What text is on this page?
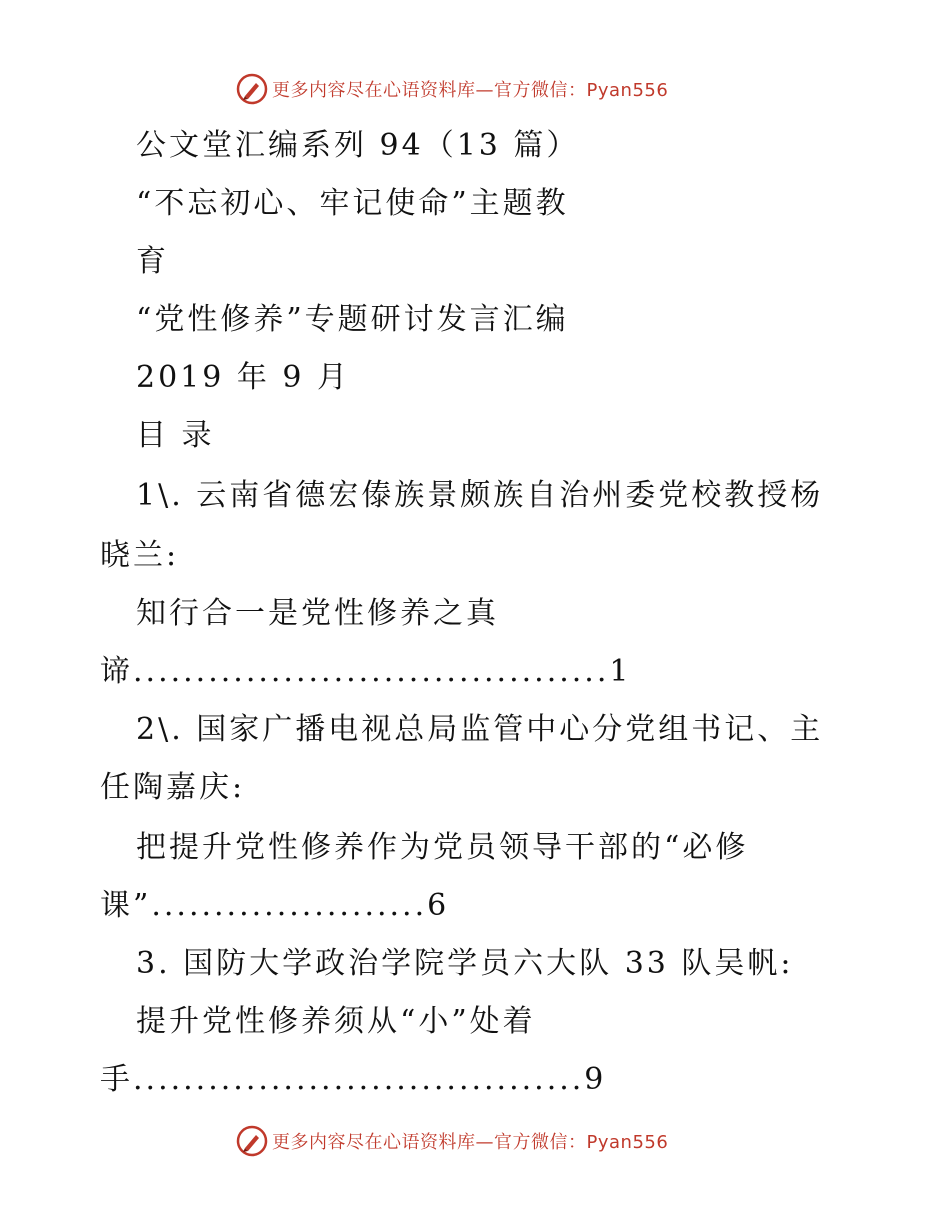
更多内容尽在心语资料库—官方微信：Pyan556
公文堂汇编系列 94（13 篇）
“不忘初心、牢记使命”主题教
育
“党性修养”专题研讨发言汇编
2019 年 9 月
目 录
1\. 云南省德宏傣族景颇族自治州委党校教授杨
晓兰:
知行合一是党性修养之真
谛......................................1
2\. 国家广播电视总局监管中心分党组书记、主
任陶嘉庆:
把提升党性修养作为党员领导干部的“必修
课”......................6
3. 国防大学政治学院学员六大队 33 队吴帆:
提升党性修养须从“小”处着
手....................................9
更多内容尽在心语资料库—官方微信：Pyan556
